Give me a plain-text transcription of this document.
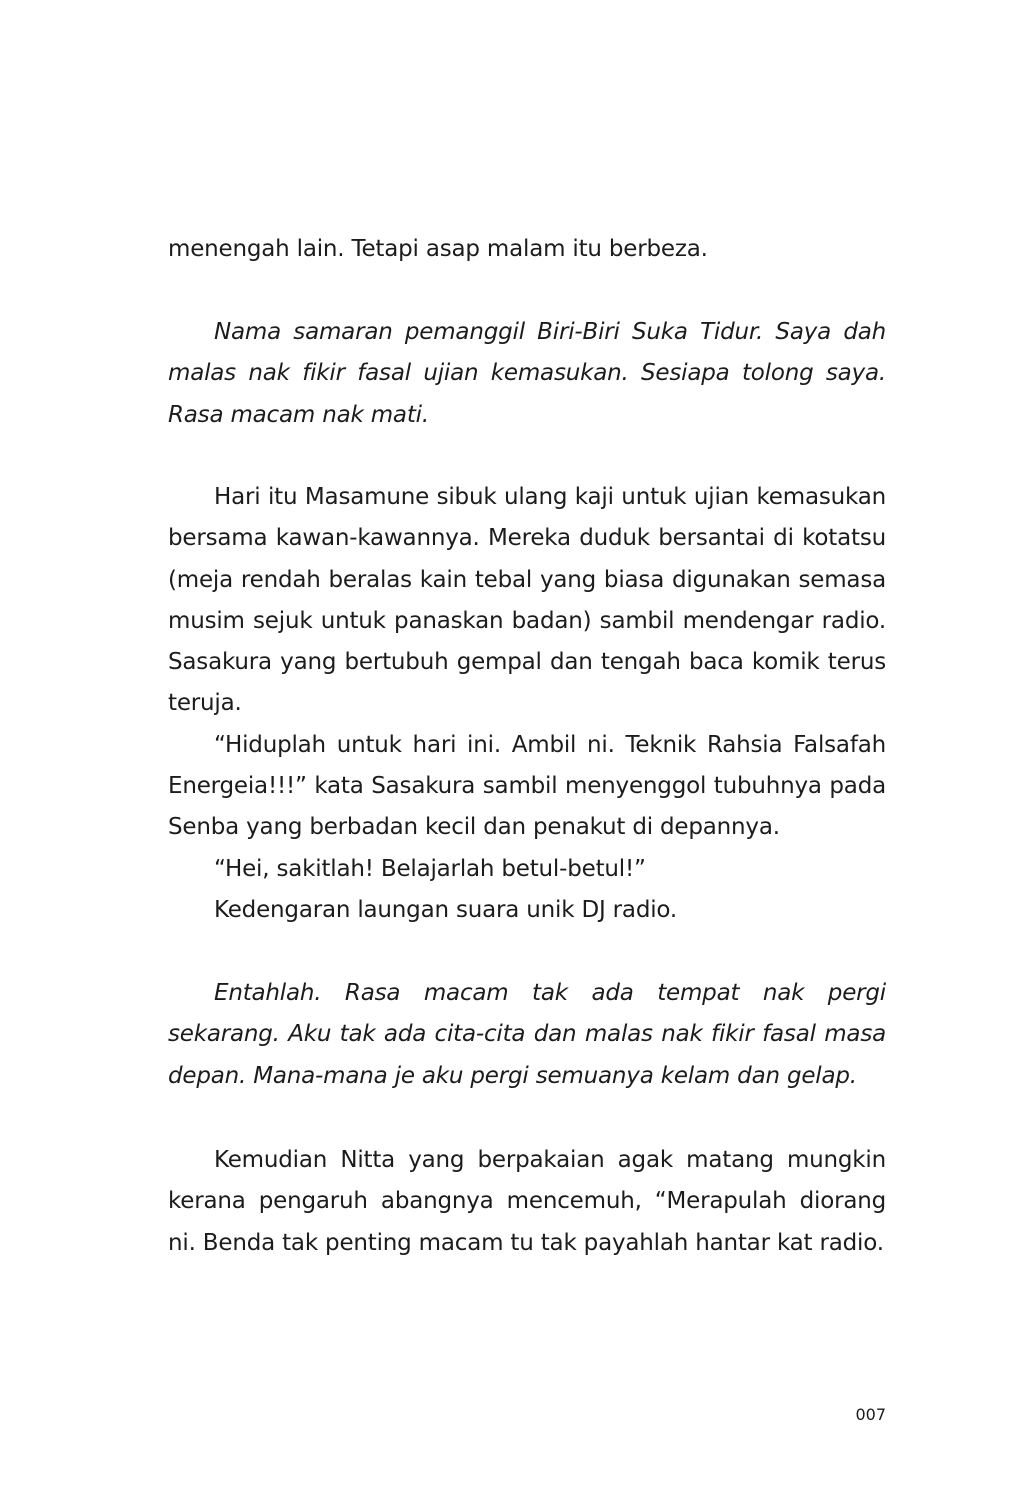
menengah lain. Tetapi asap malam itu berbeza.

Nama samaran pemanggil Biri-Biri Suka Tidur. Saya dah malas nak fikir fasal ujian kemasukan. Sesiapa tolong saya. Rasa macam nak mati.

Hari itu Masamune sibuk ulang kaji untuk ujian kemasukan bersama kawan-kawannya. Mereka duduk bersantai di kotatsu (meja rendah beralas kain tebal yang biasa digunakan semasa musim sejuk untuk panaskan badan) sambil mendengar radio. Sasakura yang bertubuh gempal dan tengah baca komik terus teruja.

“Hiduplah untuk hari ini. Ambil ni. Teknik Rahsia Falsafah Energeia!!!” kata Sasakura sambil menyenggol tubuhnya pada Senba yang berbadan kecil dan penakut di depannya.

“Hei, sakitlah! Belajarlah betul-betul!”

Kedengaran laungan suara unik DJ radio.

Entahlah. Rasa macam tak ada tempat nak pergi sekarang. Aku tak ada cita-cita dan malas nak fikir fasal masa depan. Mana-mana je aku pergi semuanya kelam dan gelap.

Kemudian Nitta yang berpakaian agak matang mungkin kerana pengaruh abangnya mencemuh, “Merapulah diorang ni. Benda tak penting macam tu tak payahlah hantar kat radio.

007
